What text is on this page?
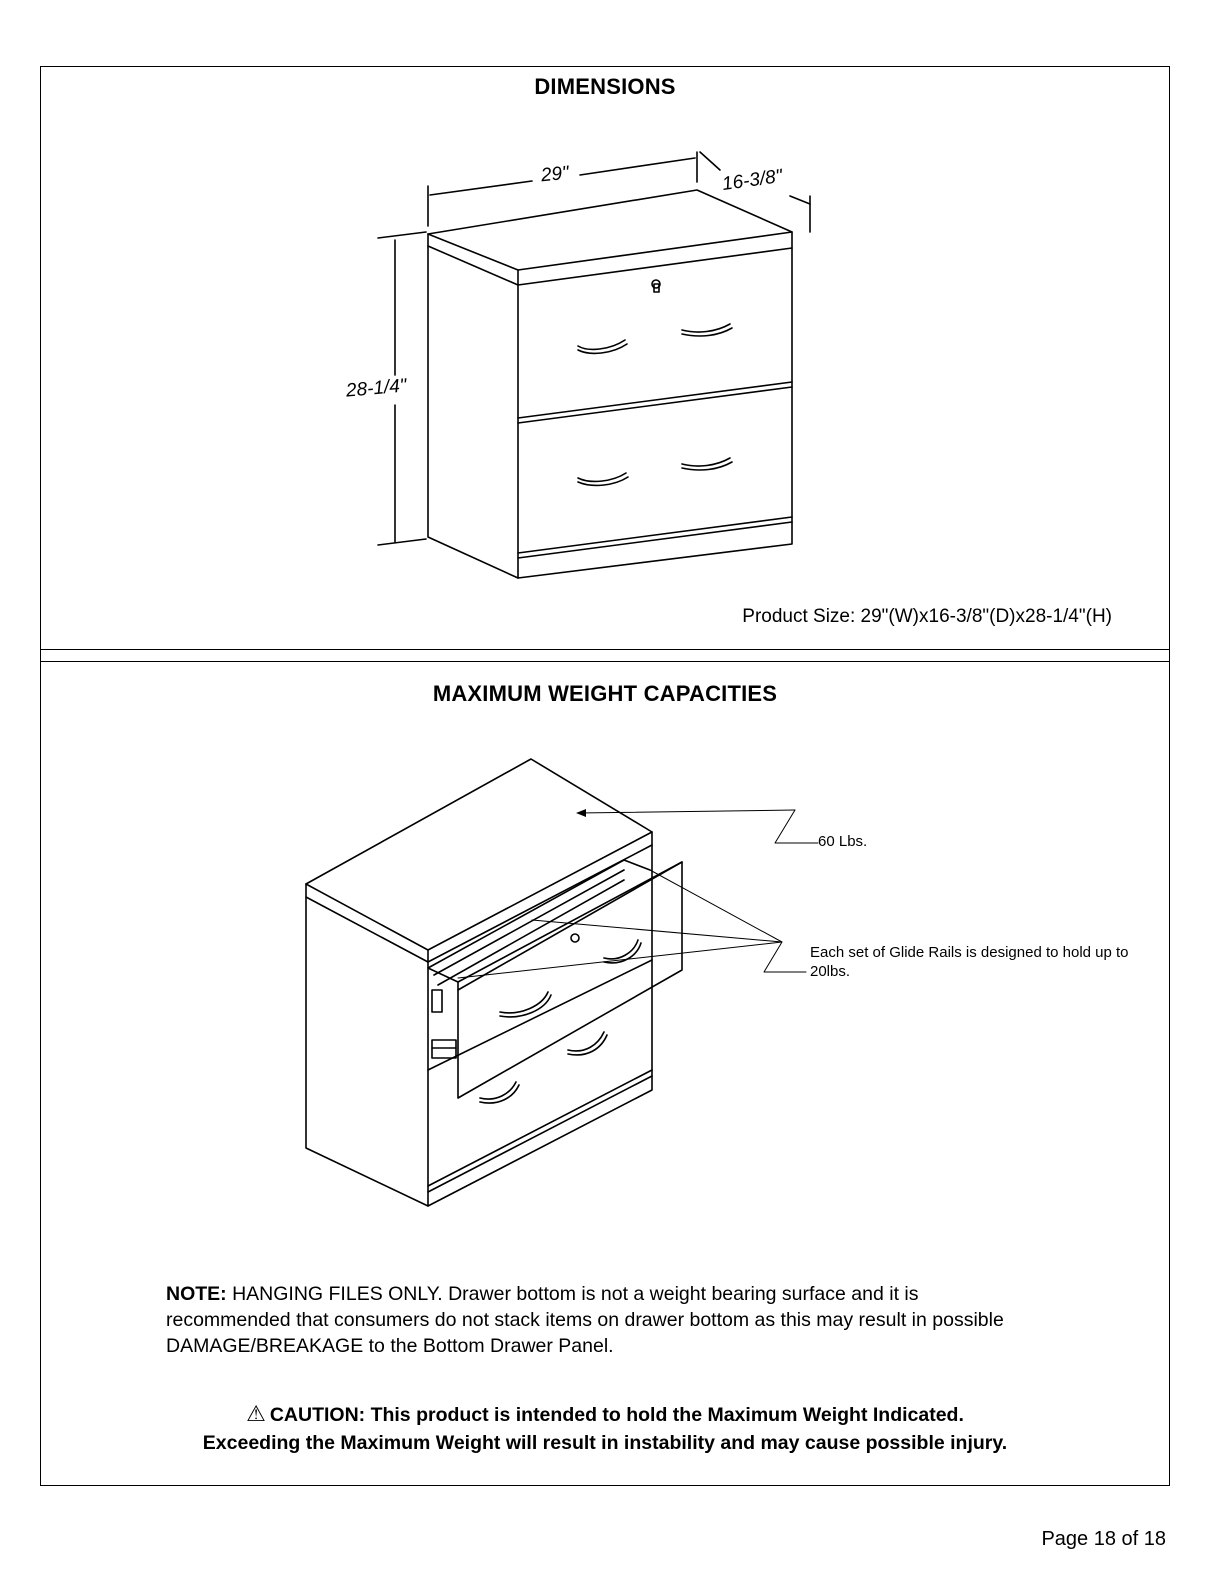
DIMENSIONS
MAXIMUM WEIGHT CAPACITIES
29"	16-3/8"
28-1/4"
Product Size: 29"(W)x16-3/8"(D)x28-1/4"(H)
60 Lbs.
Each set of Glide Rails is designed to hold up to 20lbs.
NOTE: HANGING FILES ONLY. Drawer bottom is not a weight bearing surface and it is recommended that consumers do not stack items on drawer bottom as this may result in possible DAMAGE/BREAKAGE to the Bottom Drawer Panel.
⚠ CAUTION: This product is intended to hold the Maximum Weight Indicated.
Exceeding the Maximum Weight will result in instability and may cause possible injury.
Page 18 of 18
